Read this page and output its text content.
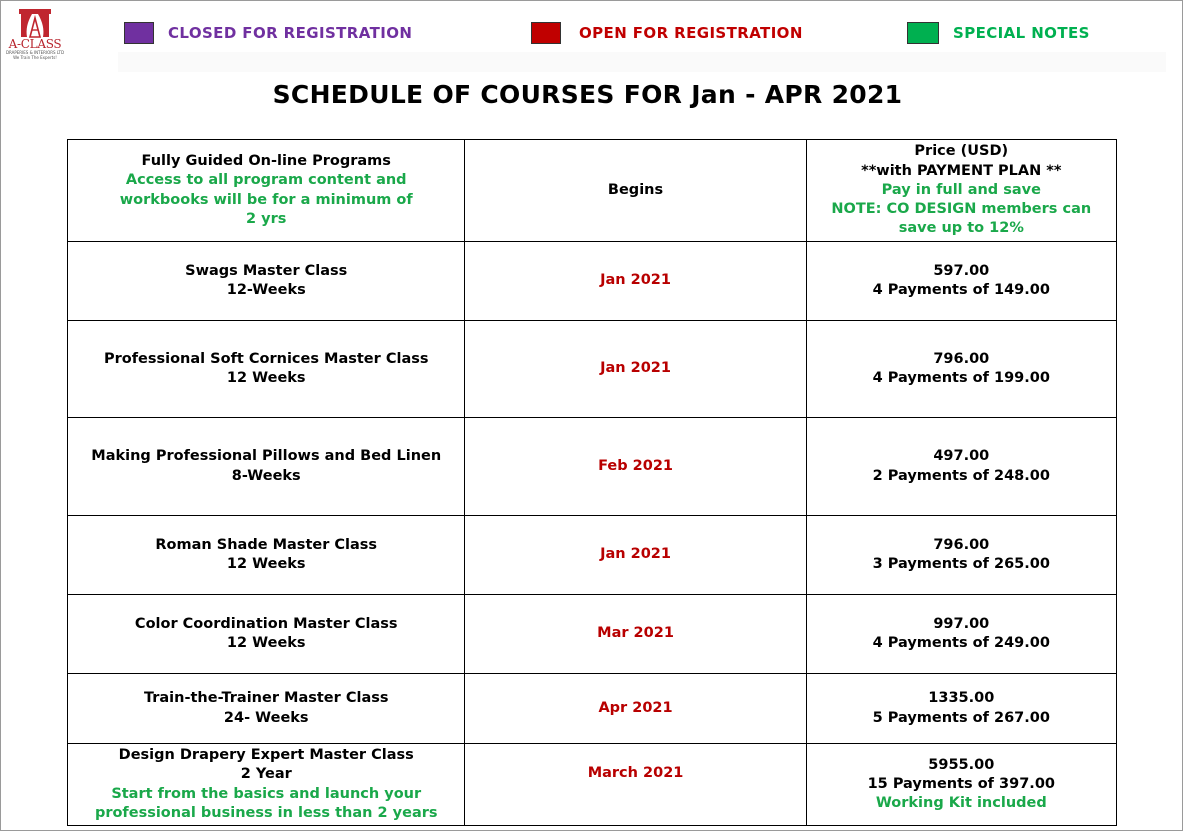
A-CLASS
DRAPERIES & INTERIORS LTD
We Train The Experts!
CLOSED FOR REGISTRATION	OPEN FOR REGISTRATION	SPECIAL NOTES
SCHEDULE OF COURSES FOR Jan - APR 2021
Fully Guided On-line Programs
Access to all program content and
workbooks will be for a minimum of
2 yrs	Begins	Price (USD)
**with PAYMENT PLAN **
Pay in full and save
NOTE: CO DESIGN members can
save up to 12%

Swags Master Class
12-Weeks	Jan 2021	597.00
4 Payments of 149.00

Professional Soft Cornices Master Class
12 Weeks	Jan 2021	796.00
4 Payments of 199.00

Making Professional Pillows and Bed Linen
8-Weeks	Feb 2021	497.00
2 Payments of 248.00

Roman Shade Master Class
12 Weeks	Jan 2021	796.00
3 Payments of 265.00

Color Coordination Master Class
12 Weeks	Mar 2021	997.00
4 Payments of 249.00

Train-the-Trainer Master Class
24- Weeks	Apr 2021	1335.00
5 Payments of 267.00

Design Drapery Expert Master Class
2 Year
Start from the basics and launch your
professional business in less than 2 years	March 2021	5955.00
15 Payments of 397.00
Working Kit included
